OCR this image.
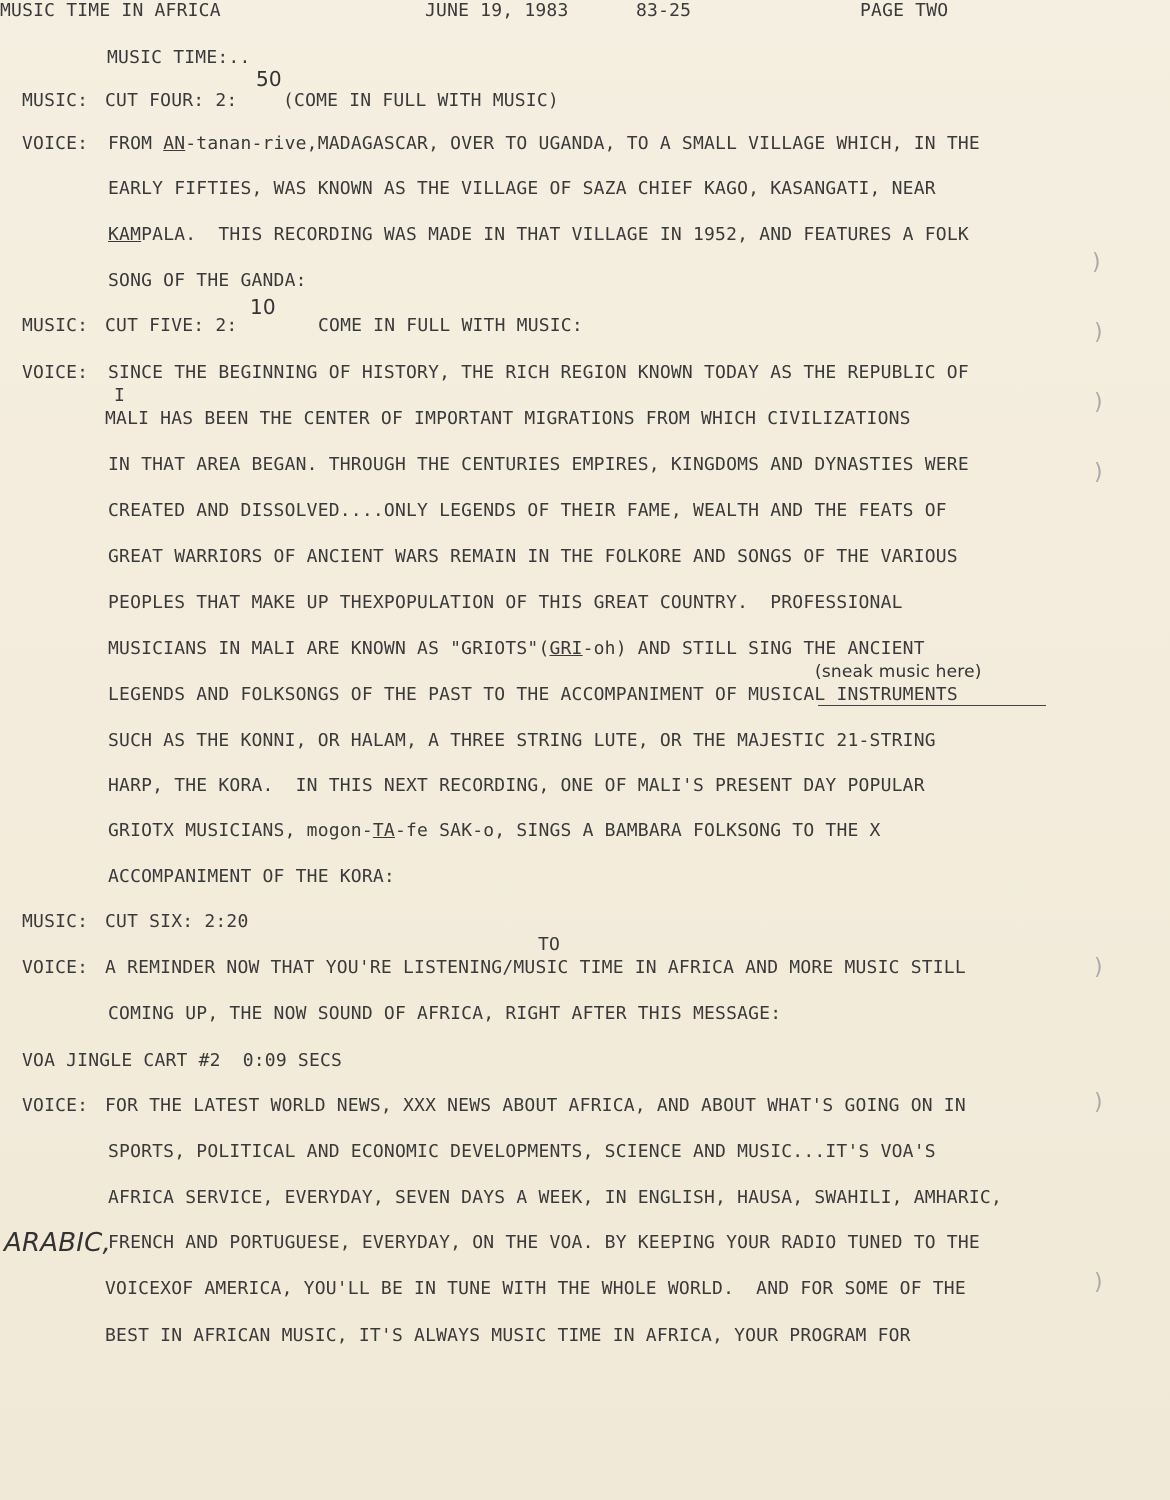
MUSIC TIME IN AFRICA	JUNE 19, 1983	83-25	PAGE TWO
MUSIC TIME:..
50
MUSIC: CUT FOUR: 2:	(COME IN FULL WITH MUSIC)
VOICE: FROM AN-tanan-rive,MADAGASCAR, OVER TO UGANDA, TO A SMALL VILLAGE WHICH, IN THE
EARLY FIFTIES, WAS KNOWN AS THE VILLAGE OF SAZA CHIEF KAGO, KASANGATI, NEAR
KAMPALA.  THIS RECORDING WAS MADE IN THAT VILLAGE IN 1952, AND FEATURES A FOLK
SONG OF THE GANDA:
10
MUSIC: CUT FIVE: 2:	COME IN FULL WITH MUSIC:
VOICE: SINCE THE BEGINNING OF HISTORY, THE RICH REGION KNOWN TODAY AS THE REPUBLIC OF
I
MALI HAS BEEN THE CENTER OF IMPORTANT MIGRATIONS FROM WHICH CIVILIZATIONS
IN THAT AREA BEGAN. THROUGH THE CENTURIES EMPIRES, KINGDOMS AND DYNASTIES WERE
CREATED AND DISSOLVED....ONLY LEGENDS OF THEIR FAME, WEALTH AND THE FEATS OF
GREAT WARRIORS OF ANCIENT WARS REMAIN IN THE FOLKORE AND SONGS OF THE VARIOUS
PEOPLES THAT MAKE UP THEXPOPULATION OF THIS GREAT COUNTRY.  PROFESSIONAL
MUSICIANS IN MALI ARE KNOWN AS "GRIOTS"(GRI-oh) AND STILL SING THE ANCIENT
(sneak music here)
LEGENDS AND FOLKSONGS OF THE PAST TO THE ACCOMPANIMENT OF MUSICAL INSTRUMENTS
SUCH AS THE KONNI, OR HALAM, A THREE STRING LUTE, OR THE MAJESTIC 21-STRING
HARP, THE KORA.  IN THIS NEXT RECORDING, ONE OF MALI'S PRESENT DAY POPULAR
GRIOTX MUSICIANS, mogon-TA-fe SAK-o, SINGS A BAMBARA FOLKSONG TO THE X
ACCOMPANIMENT OF THE KORA:
MUSIC: CUT SIX: 2:20
TO
VOICE: A REMINDER NOW THAT YOU'RE LISTENING/MUSIC TIME IN AFRICA AND MORE MUSIC STILL
COMING UP, THE NOW SOUND OF AFRICA, RIGHT AFTER THIS MESSAGE:
VOA JINGLE CART #2  0:09 SECS
VOICE: FOR THE LATEST WORLD NEWS, XXX NEWS ABOUT AFRICA, AND ABOUT WHAT'S GOING ON IN
SPORTS, POLITICAL AND ECONOMIC DEVELOPMENTS, SCIENCE AND MUSIC...IT'S VOA'S
AFRICA SERVICE, EVERYDAY, SEVEN DAYS A WEEK, IN ENGLISH, HAUSA, SWAHILI, AMHARIC,
ARABIC,
FRENCH AND PORTUGUESE, EVERYDAY, ON THE VOA. BY KEEPING YOUR RADIO TUNED TO THE
VOICEXOF AMERICA, YOU'LL BE IN TUNE WITH THE WHOLE WORLD.  AND FOR SOME OF THE
BEST IN AFRICAN MUSIC, IT'S ALWAYS MUSIC TIME IN AFRICA, YOUR PROGRAM FOR
)
)
)
)
)
)
)
